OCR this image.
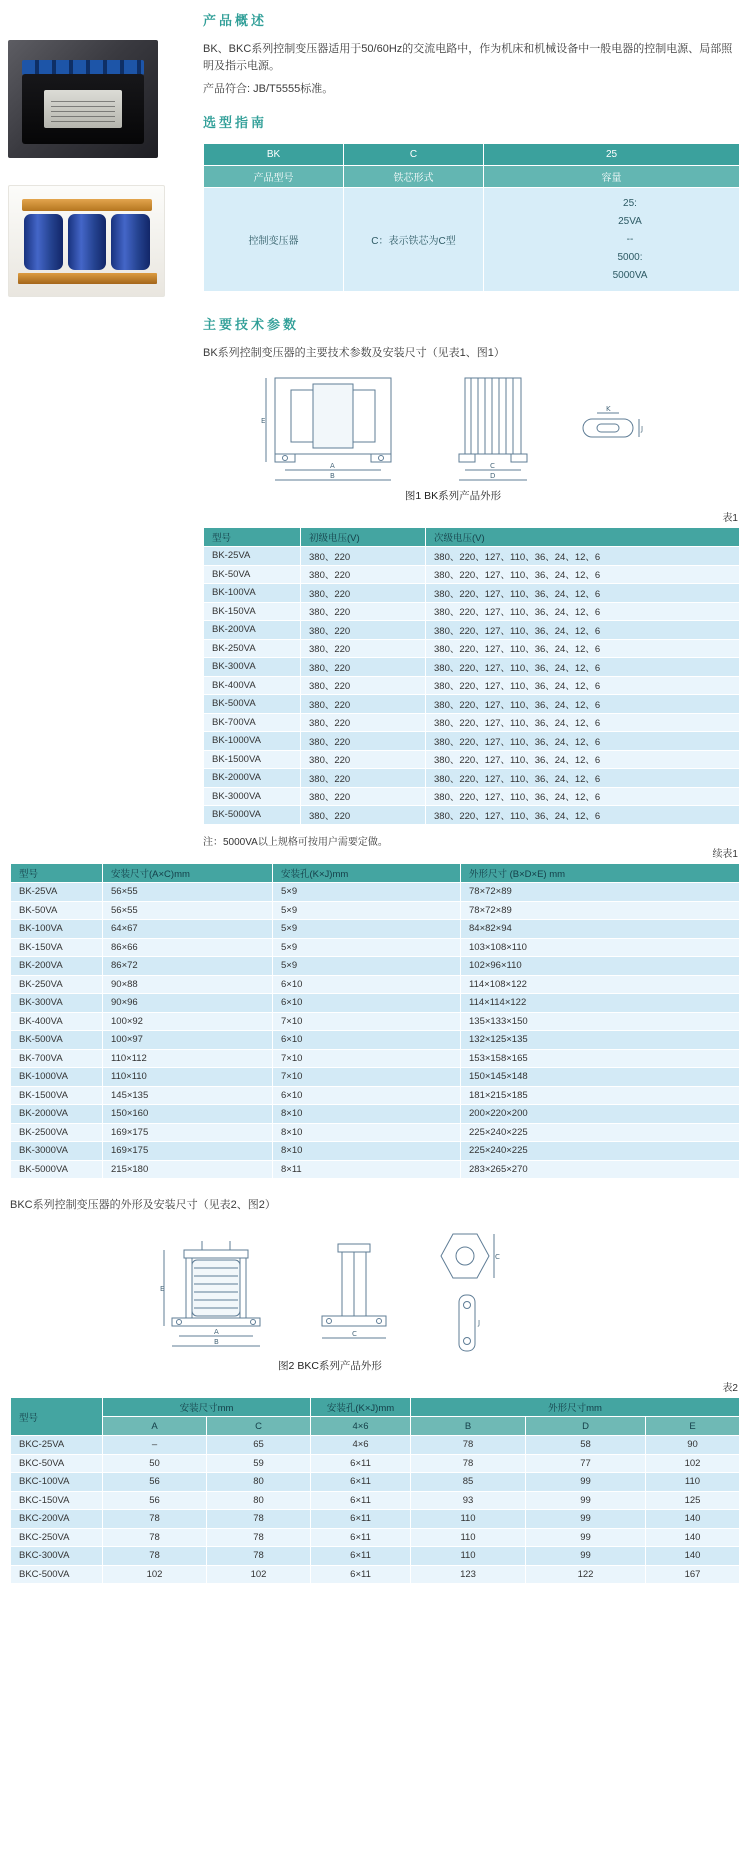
产品概述

BK、BKC系列控制变压器适用于50/60Hz的交流电路中，作为机床和机械设备中一般电器的控制电源、局部照明及指示电源。

产品符合: JB/T5555标准。

选型指南
BK	C	25
产品型号	铁芯形式	容量
控制变压器	C：表示铁芯为C型	25:
25VA
--
5000:
5000VA
主要技术参数

BK系列控制变压器的主要技术参数及安装尺寸（见表1、图1）

E
A
B
C
D
K
J
图1 BK系列产品外形
表1
型号	初级电压(V)	次级电压(V)
BK-25VA	380、220	380、220、127、110、36、24、12、6
BK-50VA	380、220	380、220、127、110、36、24、12、6
BK-100VA	380、220	380、220、127、110、36、24、12、6
BK-150VA	380、220	380、220、127、110、36、24、12、6
BK-200VA	380、220	380、220、127、110、36、24、12、6
BK-250VA	380、220	380、220、127、110、36、24、12、6
BK-300VA	380、220	380、220、127、110、36、24、12、6
BK-400VA	380、220	380、220、127、110、36、24、12、6
BK-500VA	380、220	380、220、127、110、36、24、12、6
BK-700VA	380、220	380、220、127、110、36、24、12、6
BK-1000VA	380、220	380、220、127、110、36、24、12、6
BK-1500VA	380、220	380、220、127、110、36、24、12、6
BK-2000VA	380、220	380、220、127、110、36、24、12、6
BK-3000VA	380、220	380、220、127、110、36、24、12、6
BK-5000VA	380、220	380、220、127、110、36、24、12、6

注：5000VA以上规格可按用户需要定做。

续表1
型号	安装尺寸(A×C)mm	安装孔(K×J)mm	外形尺寸 (B×D×E) mm
BK-25VA	56×55	5×9	78×72×89
BK-50VA	56×55	5×9	78×72×89
BK-100VA	64×67	5×9	84×82×94
BK-150VA	86×66	5×9	103×108×110
BK-200VA	86×72	5×9	102×96×110
BK-250VA	90×88	6×10	114×108×122
BK-300VA	90×96	6×10	114×114×122
BK-400VA	100×92	7×10	135×133×150
BK-500VA	100×97	6×10	132×125×135
BK-700VA	110×112	7×10	153×158×165
BK-1000VA	110×110	7×10	150×145×148
BK-1500VA	145×135	6×10	181×215×185
BK-2000VA	150×160	8×10	200×220×200
BK-2500VA	169×175	8×10	225×240×225
BK-3000VA	169×175	8×10	225×240×225
BK-5000VA	215×180	8×11	283×265×270

BKC系列控制变压器的外形及安装尺寸（见表2、图2）

E
A
B
C
C
J
图2 BKC系列产品外形
表2
型号	安装尺寸mm		安装孔(K×J)mm	外形尺寸mm		
	A	C	4×6	B	D	E
BKC-25VA	–	65	4×6	78	58	90
BKC-50VA	50	59	6×11	78	77	102
BKC-100VA	56	80	6×11	85	99	110
BKC-150VA	56	80	6×11	93	99	125
BKC-200VA	78	78	6×11	110	99	140
BKC-250VA	78	78	6×11	110	99	140
BKC-300VA	78	78	6×11	110	99	140
BKC-500VA	102	102	6×11	123	122	167
